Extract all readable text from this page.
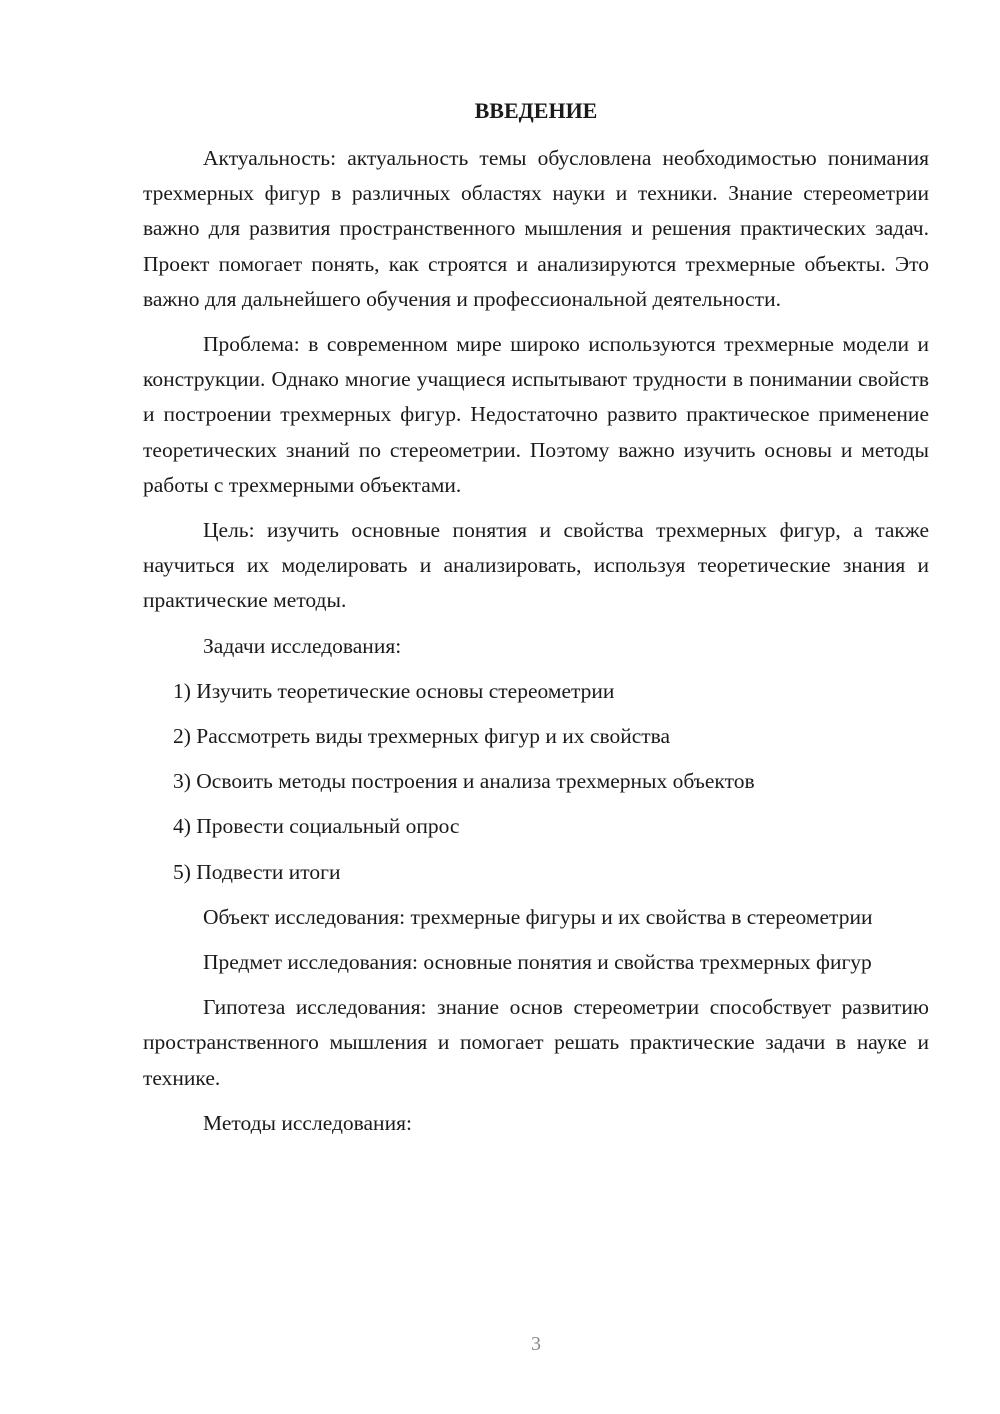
ВВЕДЕНИЕ

Актуальность: актуальность темы обусловлена необходимостью понимания трехмерных фигур в различных областях науки и техники. Знание стереометрии важно для развития пространственного мышления и решения практических задач. Проект помогает понять, как строятся и анализируются трехмерные объекты. Это важно для дальнейшего обучения и профессиональной деятельности.

Проблема: в современном мире широко используются трехмерные модели и конструкции. Однако многие учащиеся испытывают трудности в понимании свойств и построении трехмерных фигур. Недостаточно развито практическое применение теоретических знаний по стереометрии. Поэтому важно изучить основы и методы работы с трехмерными объектами.

Цель: изучить основные понятия и свойства трехмерных фигур, а также научиться их моделировать и анализировать, используя теоретические знания и практические методы.

Задачи исследования:

1) Изучить теоретические основы стереометрии

2) Рассмотреть виды трехмерных фигур и их свойства

3) Освоить методы построения и анализа трехмерных объектов

4) Провести социальный опрос

5) Подвести итоги

Объект исследования: трехмерные фигуры и их свойства в стереометрии

Предмет исследования: основные понятия и свойства трехмерных фигур

Гипотеза исследования: знание основ стереометрии способствует развитию пространственного мышления и помогает решать практические задачи в науке и технике.

Методы исследования:

3
